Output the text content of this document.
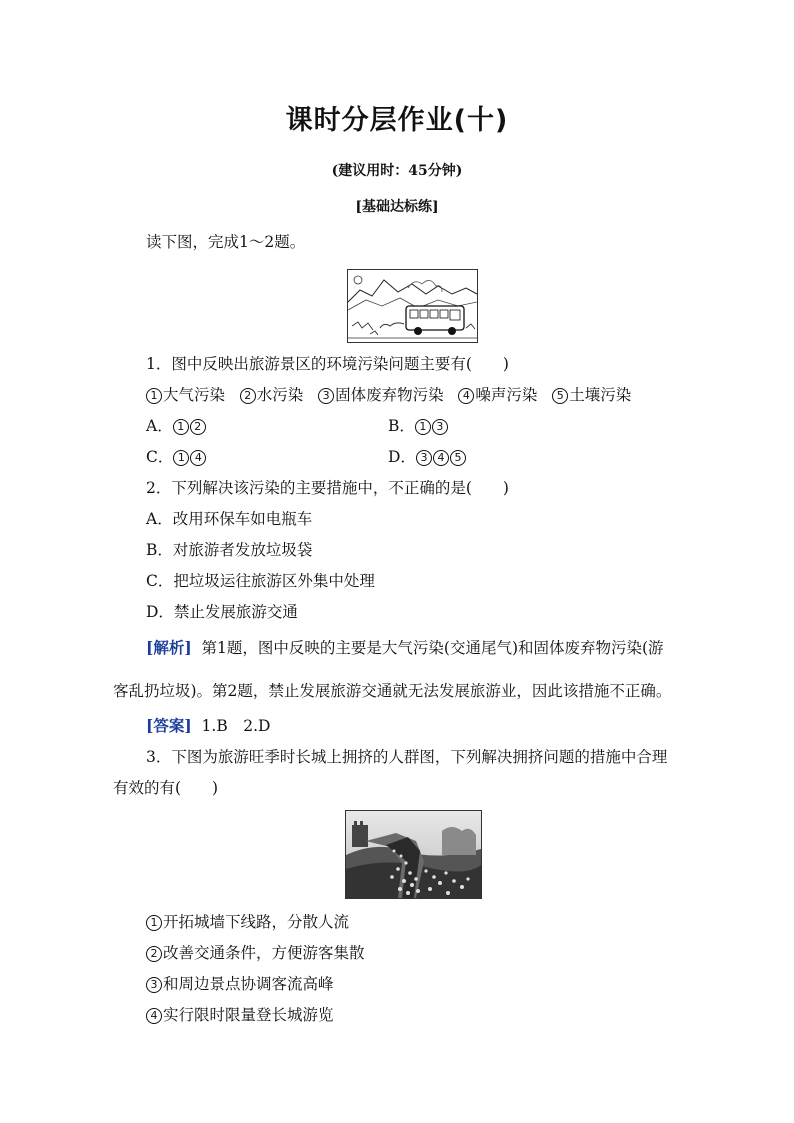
课时分层作业(十)
(建议用时：45分钟)
[基础达标练]
读下图，完成1～2题。
1．图中反映出旅游景区的环境污染问题主要有(　　)
1 大气污染 2 水污染 3 固体废弃物污染 4 噪声污染 5 土壤污染
A． 1 2	B． 1 3
C． 1 4	D． 3 4 5
2．下列解决该污染的主要措施中，不正确的是(　　)
A．改用环保车如电瓶车
B．对旅游者发放垃圾袋
C．把垃圾运往旅游区外集中处理
D．禁止发展旅游交通
[解析] 第1题，图中反映的主要是大气污染(交通尾气)和固体废弃物污染(游
客乱扔垃圾)。第2题，禁止发展旅游交通就无法发展旅游业，因此该措施不正确。
[答案] 1.B　2.D
3．下图为旅游旺季时长城上拥挤的人群图，下列解决拥挤问题的措施中合理
有效的有(　　)
1 开拓城墙下线路，分散人流
2 改善交通条件，方便游客集散
3 和周边景点协调客流高峰
4 实行限时限量登长城游览
